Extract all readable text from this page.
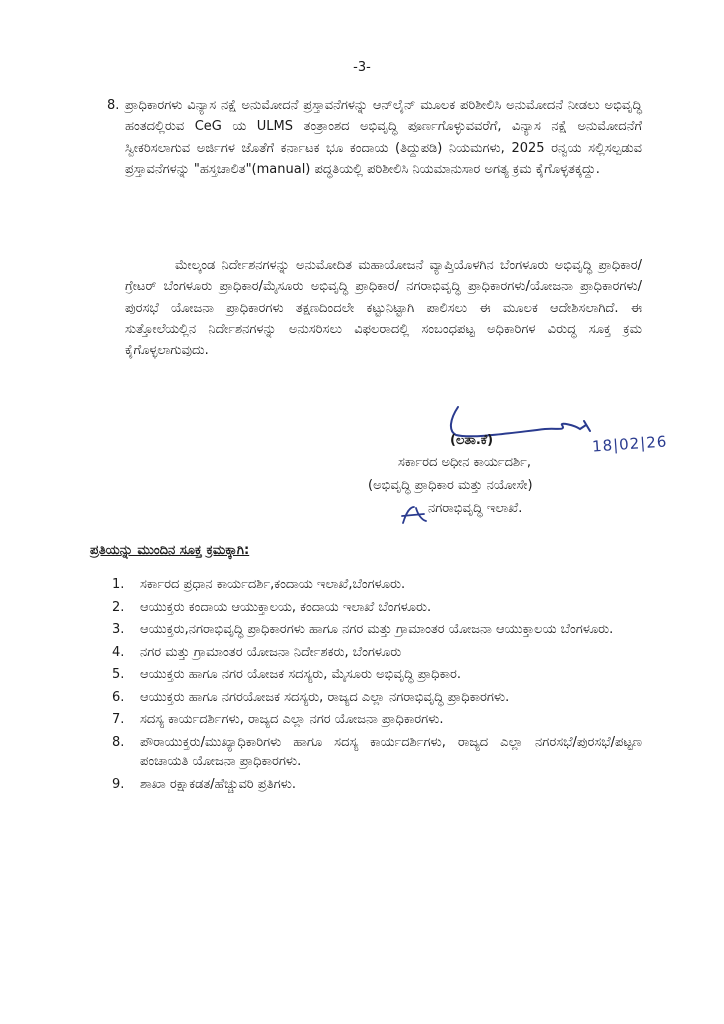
-3-
8. ಪ್ರಾಧಿಕಾರಗಳು ವಿನ್ಯಾಸ ನಕ್ಷೆ ಅನುಮೋದನೆ ಪ್ರಸ್ತಾವನೆಗಳನ್ನು ಆನ್‌ಲೈನ್ ಮೂಲಕ ಪರಿಶೀಲಿಸಿ ಅನುಮೋದನೆ ನೀಡಲು ಅಭಿವೃದ್ಧಿ ಹಂತದಲ್ಲಿರುವ CeG ಯ ULMS ತಂತ್ರಾಂಶದ ಅಭಿವೃದ್ಧಿ ಪೂರ್ಣಗೊಳ್ಳುವವರೆಗೆ, ವಿನ್ಯಾಸ ನಕ್ಷೆ ಅನುಮೋದನೆಗೆ ಸ್ವೀಕರಿಸಲಾಗುವ ಅರ್ಜಿಗಳ ಜೊತೆಗೆ ಕರ್ನಾಟಕ ಭೂ ಕಂದಾಯ (ತಿದ್ದುಪಡಿ) ನಿಯಮಗಳು, 2025 ರನ್ವಯ ಸಲ್ಲಿಸಲ್ಪಡುವ ಪ್ರಸ್ತಾವನೆಗಳನ್ನು "ಹಸ್ತಚಾಲಿತ"(manual) ಪದ್ಧತಿಯಲ್ಲಿ ಪರಿಶೀಲಿಸಿ ನಿಯಮಾನುಸಾರ ಅಗತ್ಯ ಕ್ರಮ ಕೈಗೊಳ್ಳತಕ್ಕದ್ದು.
ಮೇಲ್ಕಂಡ ನಿರ್ದೇಶನಗಳನ್ನು ಅನುಮೋದಿತ ಮಹಾಯೋಜನೆ ವ್ಯಾಪ್ತಿಯೊಳಗಿನ ಬೆಂಗಳೂರು ಅಭಿವೃದ್ಧಿ ಪ್ರಾಧಿಕಾರ/ಗ್ರೇಟರ್ ಬೆಂಗಳೂರು ಪ್ರಾಧಿಕಾರ/ಮೈಸೂರು ಅಭಿವೃದ್ಧಿ ಪ್ರಾಧಿಕಾರ/ ನಗರಾಭಿವೃದ್ಧಿ ಪ್ರಾಧಿಕಾರಗಳು/ಯೋಜನಾ ಪ್ರಾಧಿಕಾರಗಳು/ಪುರಸಭೆ ಯೋಜನಾ ಪ್ರಾಧಿಕಾರಗಳು ತಕ್ಷಣದಿಂದಲೇ ಕಟ್ಟುನಿಟ್ಟಾಗಿ ಪಾಲಿಸಲು ಈ ಮೂಲಕ ಆದೇಶಿಸಲಾಗಿದೆ. ಈ ಸುತ್ತೋಲೆಯಲ್ಲಿನ ನಿರ್ದೇಶನಗಳನ್ನು ಅನುಸರಿಸಲು ವಿಫಲರಾದಲ್ಲಿ ಸಂಬಂಧಪಟ್ಟ ಅಧಿಕಾರಿಗಳ ವಿರುದ್ಧ ಸೂಕ್ತ ಕ್ರಮ ಕೈಗೊಳ್ಳಲಾಗುವುದು.
18|02|26
(ಲತಾ.ಕೆ)
ಸರ್ಕಾರದ ಅಧೀನ ಕಾರ್ಯದರ್ಶಿ,
(ಅಭಿವೃದ್ಧಿ ಪ್ರಾಧಿಕಾರ ಮತ್ತು ನಯೋಸೇ)
ನಗರಾಭಿವೃದ್ಧಿ ಇಲಾಖೆ.
ಪ್ರತಿಯನ್ನು ಮುಂದಿನ ಸೂಕ್ತ ಕ್ರಮಕ್ಕಾಗಿ:
1. ಸರ್ಕಾರದ ಪ್ರಧಾನ ಕಾರ್ಯದರ್ಶಿ,ಕಂದಾಯ ಇಲಾಖೆ,ಬೆಂಗಳೂರು.
2. ಆಯುಕ್ತರು ಕಂದಾಯ ಆಯುಕ್ತಾಲಯ, ಕಂದಾಯ ಇಲಾಖೆ ಬೆಂಗಳೂರು.
3. ಆಯುಕ್ತರು,ನಗರಾಭಿವೃದ್ಧಿ ಪ್ರಾಧಿಕಾರಗಳು ಹಾಗೂ ನಗರ ಮತ್ತು ಗ್ರಾಮಾಂತರ ಯೋಜನಾ ಆಯುಕ್ತಾಲಯ ಬೆಂಗಳೂರು.
4. ನಗರ ಮತ್ತು ಗ್ರಾಮಾಂತರ ಯೋಜನಾ ನಿರ್ದೇಶಕರು, ಬೆಂಗಳೂರು
5. ಆಯುಕ್ತರು ಹಾಗೂ ನಗರ ಯೋಜಕ ಸದಸ್ಯರು, ಮೈಸೂರು ಅಭಿವೃದ್ಧಿ ಪ್ರಾಧಿಕಾರ.
6. ಆಯುಕ್ತರು ಹಾಗೂ ನಗರಯೋಜಕ ಸದಸ್ಯರು, ರಾಜ್ಯದ ಎಲ್ಲಾ ನಗರಾಭಿವೃದ್ಧಿ ಪ್ರಾಧಿಕಾರಗಳು.
7. ಸದಸ್ಯ ಕಾರ್ಯದರ್ಶಿಗಳು, ರಾಜ್ಯದ ಎಲ್ಲಾ ನಗರ ಯೋಜನಾ ಪ್ರಾಧಿಕಾರಗಳು.
8. ಪೌರಾಯುಕ್ತರು/ಮುಖ್ಯಾಧಿಕಾರಿಗಳು ಹಾಗೂ ಸದಸ್ಯ ಕಾರ್ಯದರ್ಶಿಗಳು, ರಾಜ್ಯದ ಎಲ್ಲಾ ನಗರಸಭೆ/ಪುರಸಭೆ/ಪಟ್ಟಣ ಪಂಚಾಯತಿ ಯೋಜನಾ ಪ್ರಾಧಿಕಾರಗಳು.
9. ಶಾಖಾ ರಕ್ಷಾಕಡತ/ಹೆಚ್ಚುವರಿ ಪ್ರತಿಗಳು.
